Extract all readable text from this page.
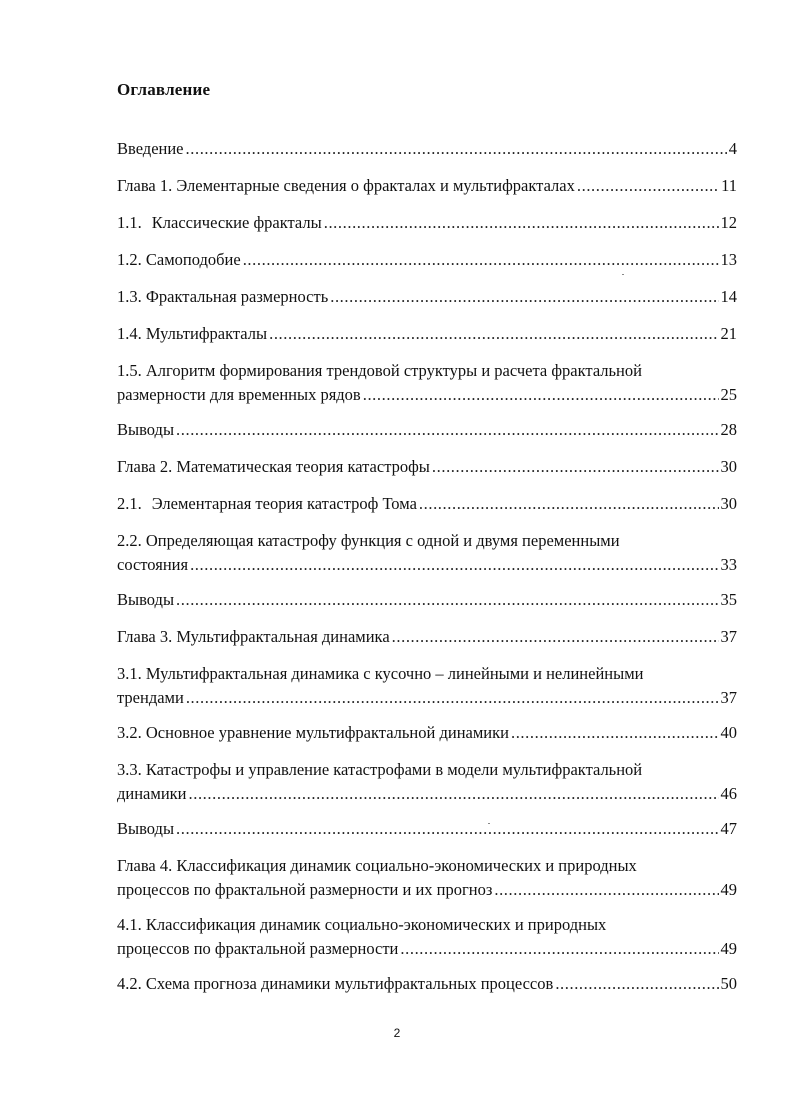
Оглавление
Введение .....	4
Глава 1. Элементарные сведения о фракталах и мультифракталах .....	11
1.1. Классические фракталы .....	12
1.2. Самоподобие .....	13
1.3. Фрактальная размерность .....	14
1.4. Мультифракталы .....	21
1.5. Алгоритм формирования трендовой структуры и расчета фрактальной
размерности для временных рядов .....	25
Выводы .....	28
Глава 2. Математическая теория катастрофы .....	30
2.1. Элементарная теория катастроф Тома .....	30
2.2. Определяющая катастрофу функция с одной и двумя переменными
состояния .....	33
Выводы .....	35
Глава 3. Мультифрактальная динамика .....	37
3.1. Мультифрактальная динамика с кусочно – линейными и нелинейными
трендами .....	37
3.2. Основное уравнение мультифрактальной динамики .....	40
3.3. Катастрофы и управление катастрофами в модели мультифрактальной
динамики .....	46
Выводы .....	47
Глава 4. Классификация динамик социально-экономических и природных
процессов по фрактальной размерности и их прогноз .....	49
4.1. Классификация динамик социально-экономических и природных
процессов по фрактальной размерности .....	49
4.2. Схема прогноза динамики мультифрактальных процессов .....	50
2
